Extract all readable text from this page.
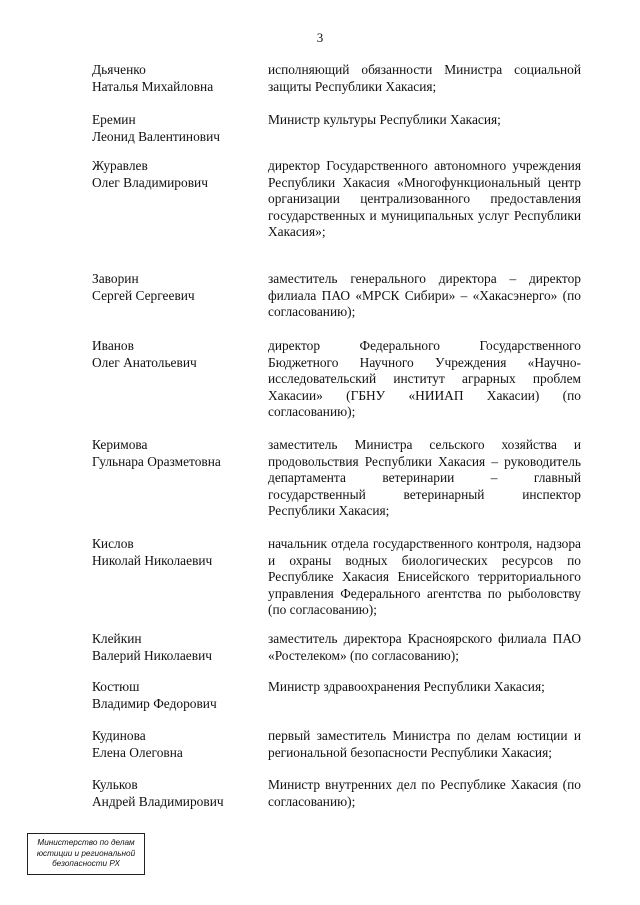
3
Дьяченко
Наталья Михайловна
исполняющий обязанности Министра социальной защиты Республики Хакасия;
Еремин
Леонид Валентинович
Министр культуры Республики Хакасия;
Журавлев
Олег Владимирович
директор Государственного автономного учреждения Республики Хакасия «Многофункциональный центр организации централизованного предоставления государственных и муниципальных услуг Республики Хакасия»;
Заворин
Сергей Сергеевич
заместитель генерального директора – директор филиала ПАО «МРСК Сибири» – «Хакасэнерго» (по согласованию);
Иванов
Олег Анатольевич
директор Федерального Государственного Бюджетного Научного Учреждения «Научно-исследовательский институт аграрных проблем Хакасии» (ГБНУ «НИИАП Хакасии) (по согласованию);
Керимова
Гульнара Оразметовна
заместитель Министра сельского хозяйства и продовольствия Республики Хакасия – руководитель департамента ветеринарии – главный государственный ветеринарный инспектор Республики Хакасия;
Кислов
Николай Николаевич
начальник отдела государственного контроля, надзора и охраны водных биологических ресурсов по Республике Хакасия Енисейского территориального управления Федерального агентства по рыболовству (по согласованию);
Клейкин
Валерий Николаевич
заместитель директора Красноярского филиала ПАО «Ростелеком» (по согласованию);
Костюш
Владимир Федорович
Министр здравоохранения Республики Хакасия;
Кудинова
Елена Олеговна
первый заместитель Министра по делам юстиции и региональной безопасности Республики Хакасия;
Кульков
Андрей Владимирович
Министр внутренних дел по Республике Хакасия (по согласованию);
Министерство по делам
юстиции и региональной
безопасности РХ
